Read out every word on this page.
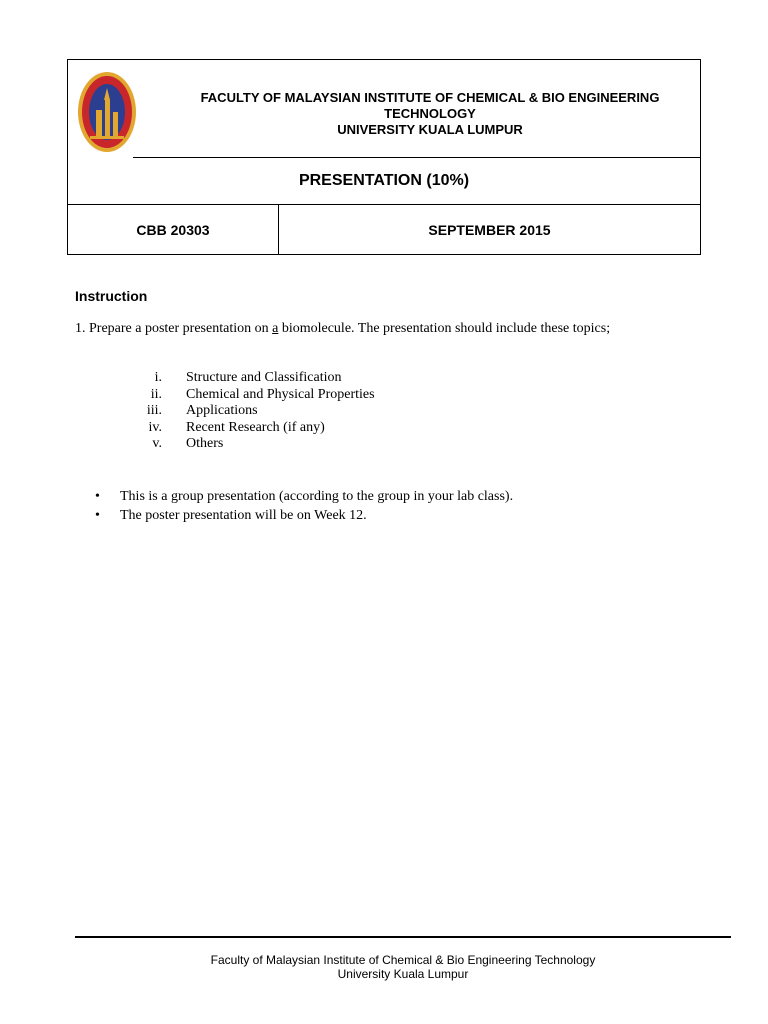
FACULTY OF MALAYSIAN INSTITUTE OF CHEMICAL & BIO ENGINEERING
TECHNOLOGY
UNIVERSITY KUALA LUMPUR
PRESENTATION (10%)
CBB 20303	SEPTEMBER 2015
Instruction
1. Prepare a poster presentation on a biomolecule. The presentation should include these topics;
i.	Structure and Classification
ii.	Chemical and Physical Properties
iii.	Applications
iv.	Recent Research (if any)
v.	Others
•	This is a group presentation (according to the group in your lab class).
•	The poster presentation will be on Week 12.
Faculty of Malaysian Institute of Chemical & Bio Engineering Technology
University Kuala Lumpur
